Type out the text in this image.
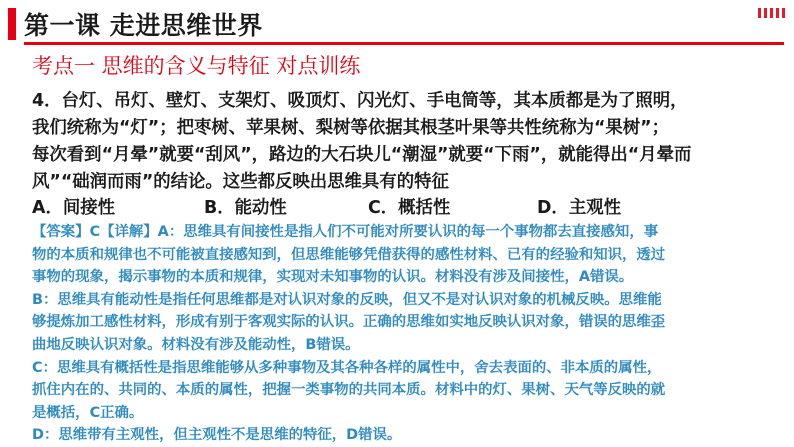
第一课 走进思维世界
考点一 思维的含义与特征 对点训练

4．台灯、吊灯、壁灯、支架灯、吸顶灯、闪光灯、手电筒等，其本质都是为了照明，

我们统称为“灯”；把枣树、苹果树、梨树等依据其根茎叶果等共性统称为“果树”；

每次看到“月晕”就要“刮风”，路边的大石块儿“潮湿”就要“下雨”，就能得出“月晕而

风”“础润而雨”的结论。这些都反映出思维具有的特征

A．间接性	B．能动性	C．概括性	D．主观性

【答案】C【详解】A：思维具有间接性是指人们不可能对所要认识的每一个事物都去直接感知，事

物的本质和规律也不可能被直接感知到，但思维能够凭借获得的感性材料、已有的经验和知识，透过

事物的现象，揭示事物的本质和规律，实现对未知事物的认识。材料没有涉及间接性，A错误。

B：思维具有能动性是指任何思维都是对认识对象的反映，但又不是对认识对象的机械反映。思维能

够提炼加工感性材料，形成有别于客观实际的认识。正确的思维如实地反映认识对象，错误的思维歪

曲地反映认识对象。材料没有涉及能动性，B错误。

C：思维具有概括性是指思维能够从多种事物及其各种各样的属性中，舍去表面的、非本质的属性，

抓住内在的、共同的、本质的属性，把握一类事物的共同本质。材料中的灯、果树、天气等反映的就

是概括，C正确。

D：思维带有主观性，但主观性不是思维的特征，D错误。
